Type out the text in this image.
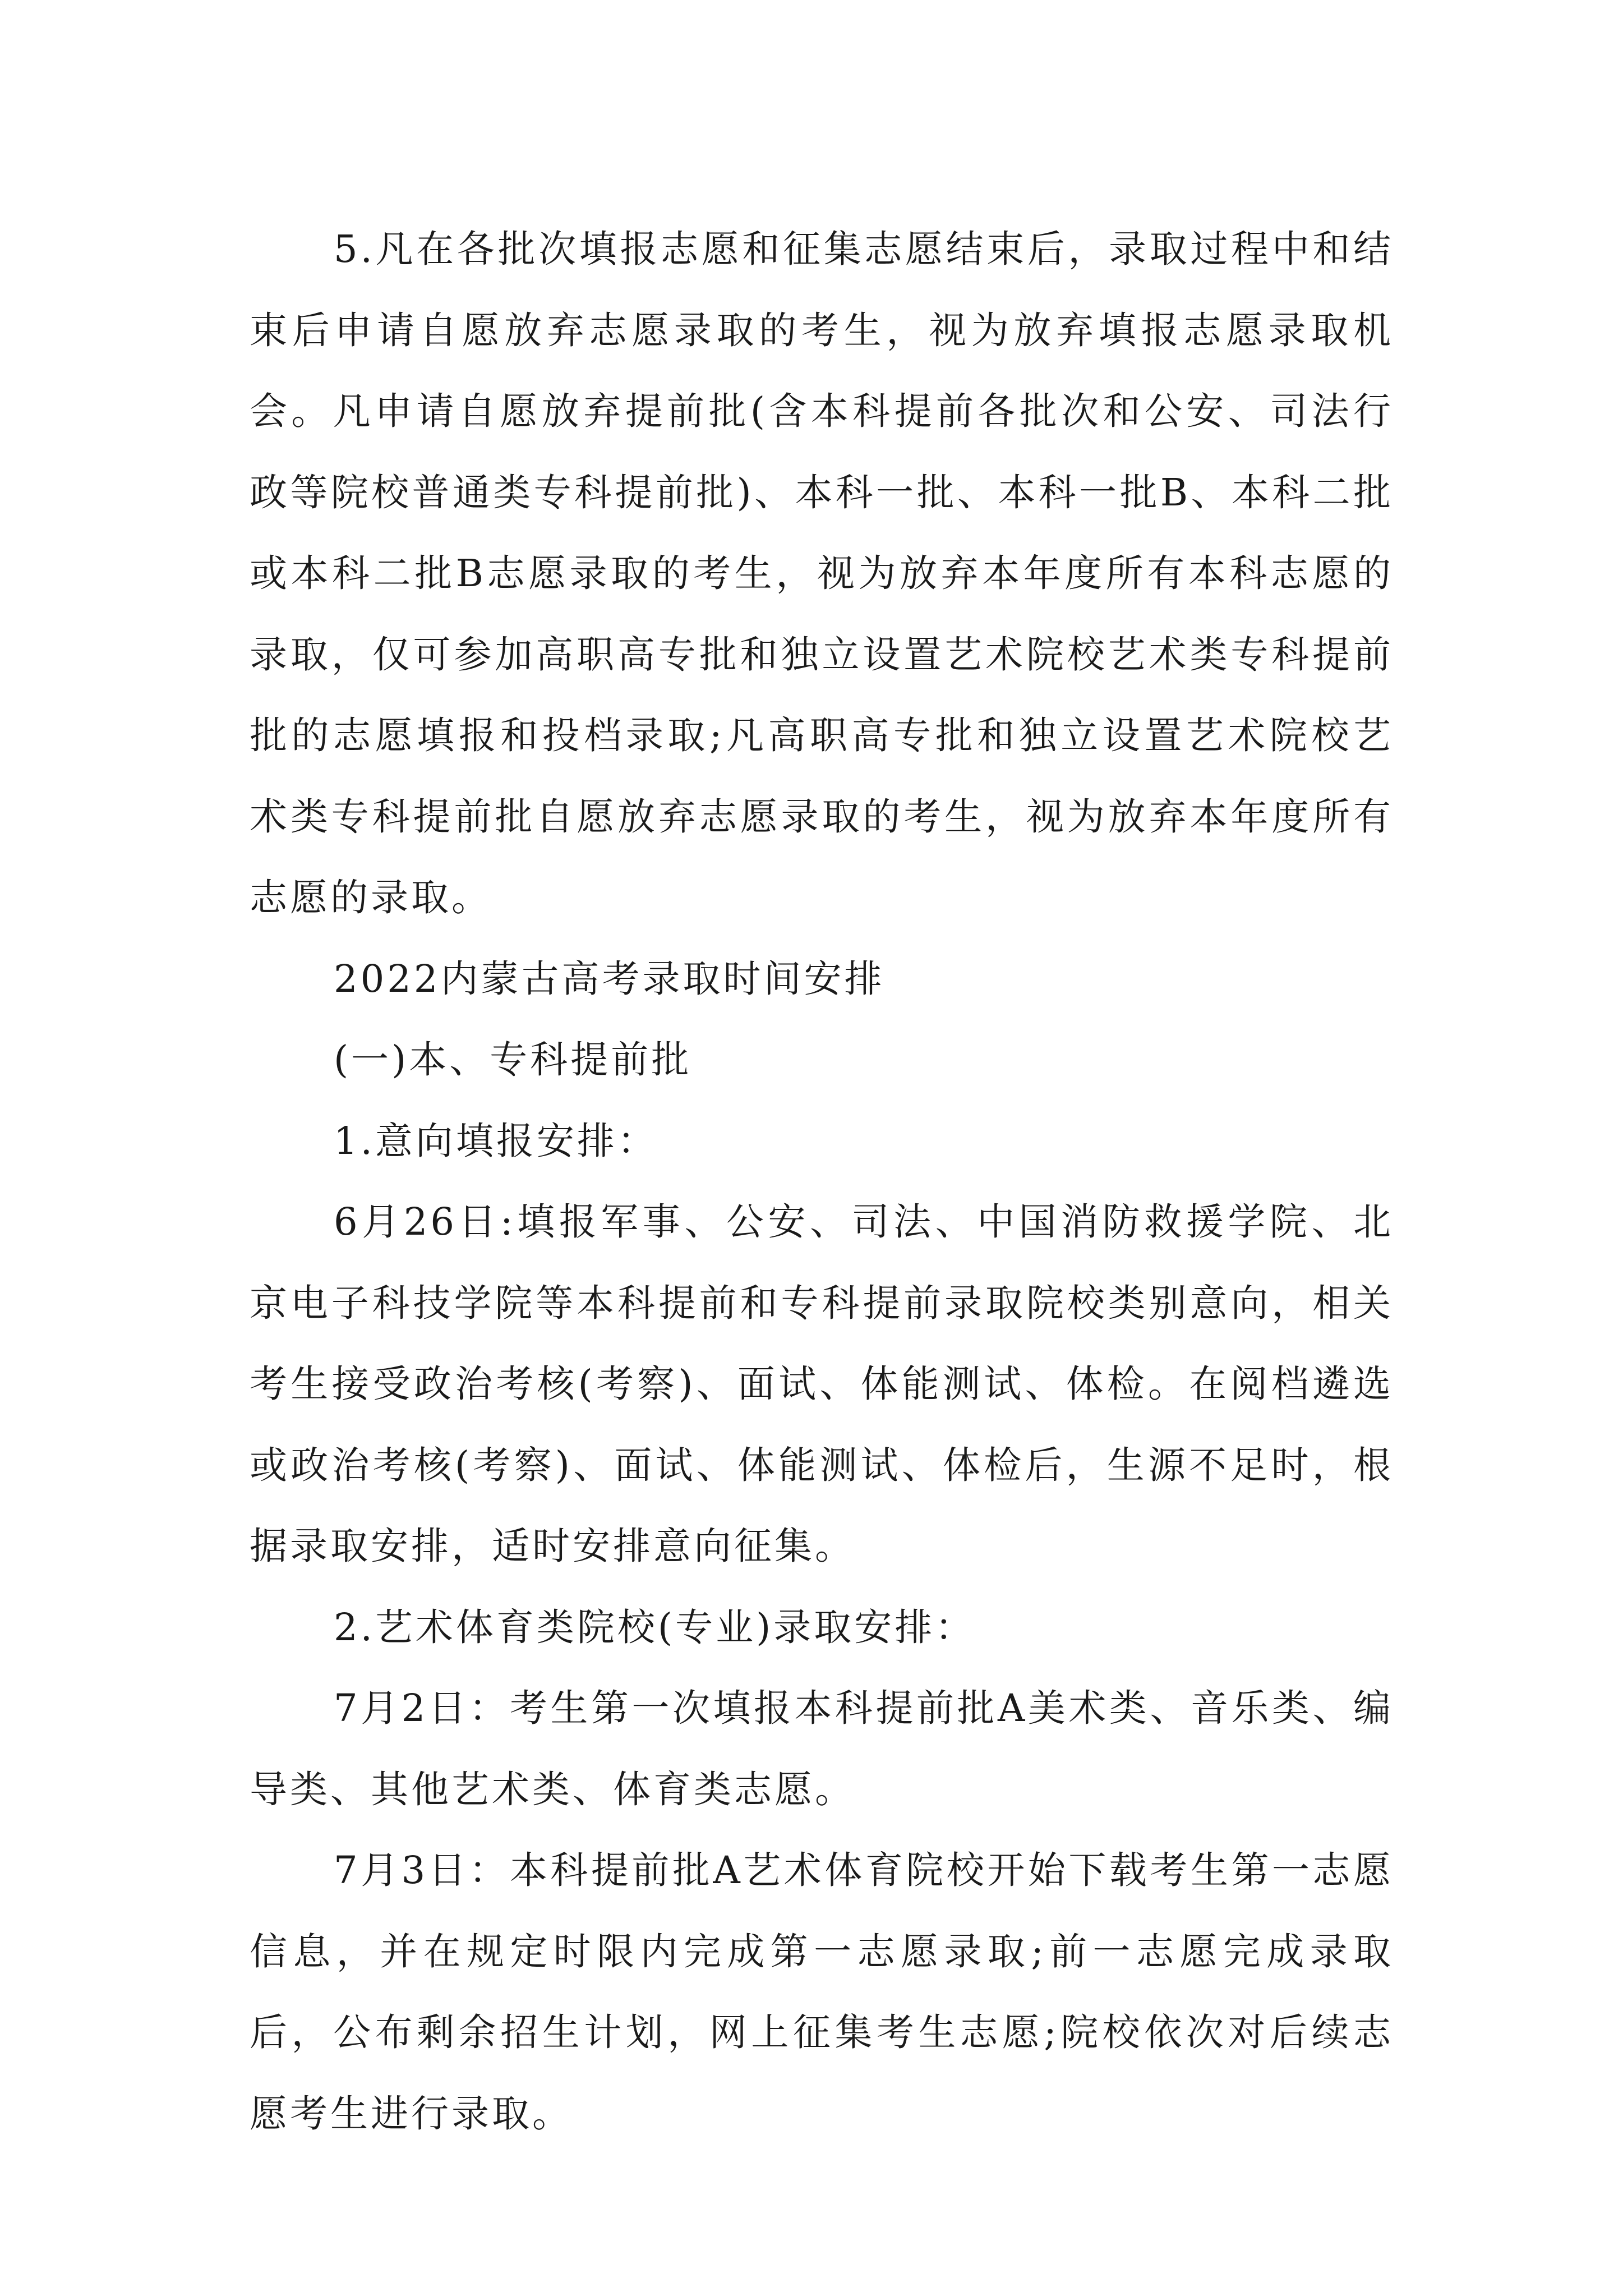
5.凡在各批次填报志愿和征集志愿结束后，录取过程中和结束后申请自愿放弃志愿录取的考生，视为放弃填报志愿录取机会。凡申请自愿放弃提前批(含本科提前各批次和公安、司法行政等院校普通类专科提前批)、本科一批、本科一批B、本科二批或本科二批B志愿录取的考生，视为放弃本年度所有本科志愿的录取，仅可参加高职高专批和独立设置艺术院校艺术类专科提前批的志愿填报和投档录取;凡高职高专批和独立设置艺术院校艺术类专科提前批自愿放弃志愿录取的考生，视为放弃本年度所有志愿的录取。

2022内蒙古高考录取时间安排

(一)本、专科提前批

1.意向填报安排：

6月26日:填报军事、公安、司法、中国消防救援学院、北京电子科技学院等本科提前和专科提前录取院校类别意向，相关考生接受政治考核(考察)、面试、体能测试、体检。在阅档遴选或政治考核(考察)、面试、体能测试、体检后，生源不足时，根据录取安排，适时安排意向征集。

2.艺术体育类院校(专业)录取安排：

7月2日：考生第一次填报本科提前批A美术类、音乐类、编导类、其他艺术类、体育类志愿。

7月3日：本科提前批A艺术体育院校开始下载考生第一志愿信息，并在规定时限内完成第一志愿录取;前一志愿完成录取后，公布剩余招生计划，网上征集考生志愿;院校依次对后续志愿考生进行录取。
